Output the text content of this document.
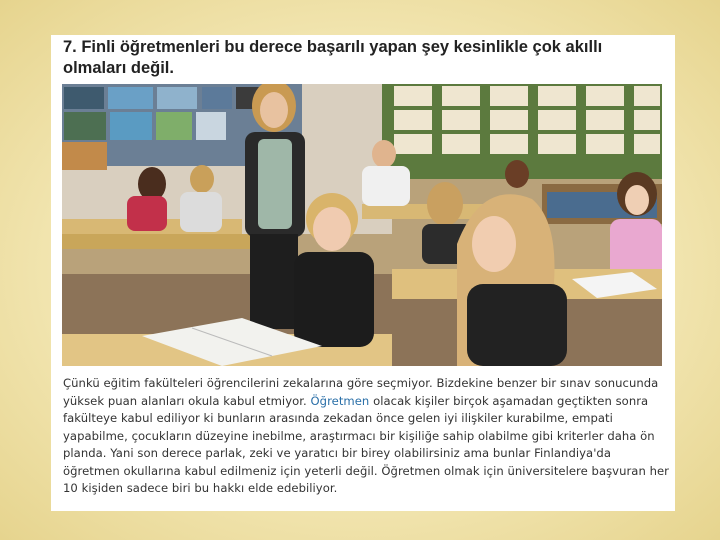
7. Finli öğretmenleri bu derece başarılı yapan şey kesinlikle çok akıllı olmaları değil.
Çünkü eğitim fakülteleri öğrencilerini zekalarına göre seçmiyor. Bizdekine benzer bir sınav sonucunda yüksek puan alanları okula kabul etmiyor. Öğretmen olacak kişiler birçok aşamadan geçtikten sonra fakülteye kabul ediliyor ki bunların arasında zekadan önce gelen iyi ilişkiler kurabilme, empati yapabilme, çocukların düzeyine inebilme, araştırmacı bir kişiliğe sahip olabilme gibi kriterler daha ön planda. Yani son derece parlak, zeki ve yaratıcı bir birey olabilirsiniz ama bunlar Finlandiya'da öğretmen okullarına kabul edilmeniz için yeterli değil. Öğretmen olmak için üniversitelere başvuran her 10 kişiden sadece biri bu hakkı elde edebiliyor.
